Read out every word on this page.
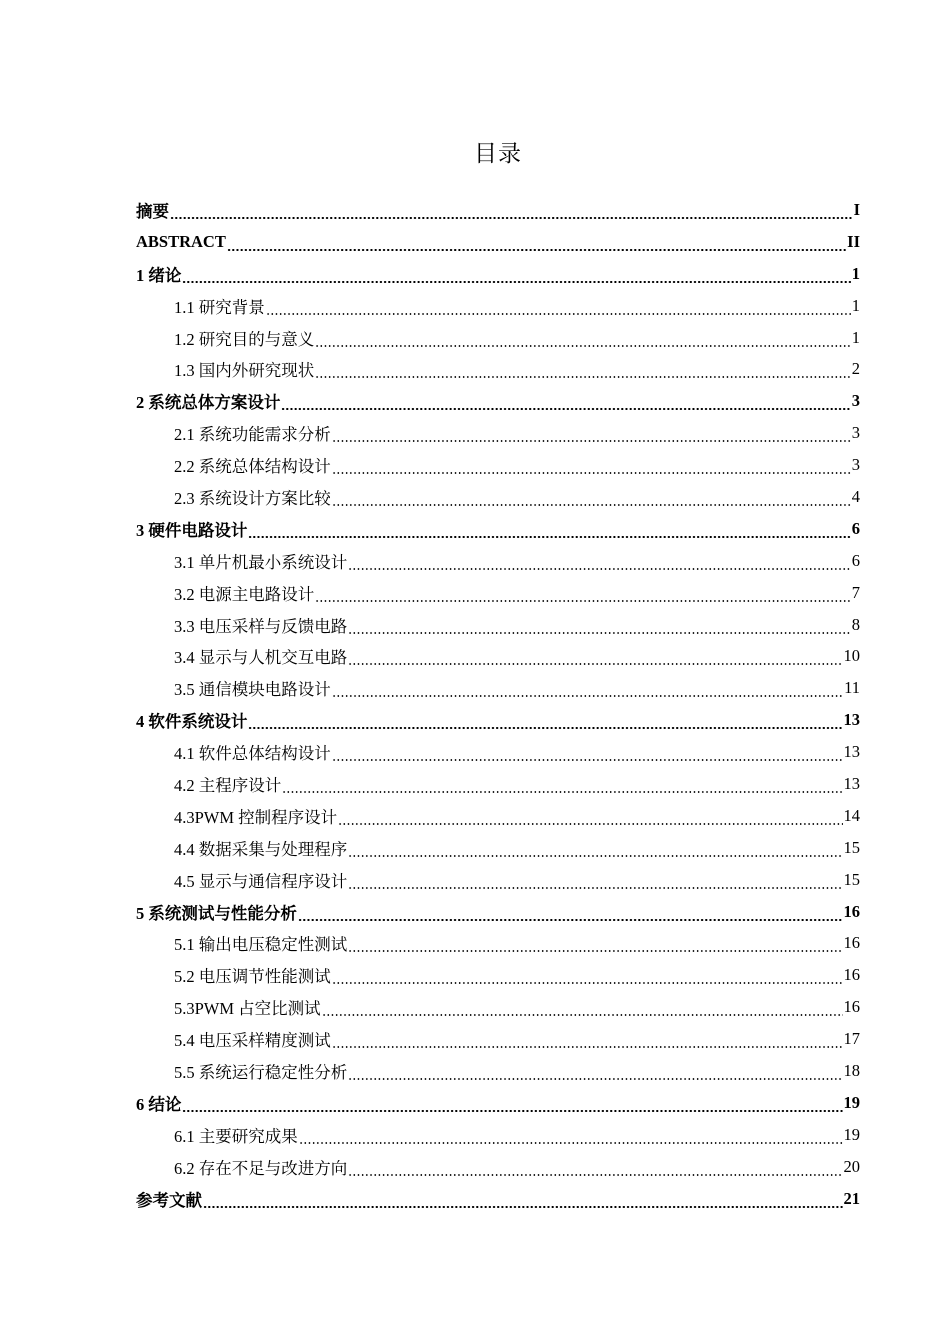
目录
摘要	I
ABSTRACT	II
1 绪论	1
1.1 研究背景	1
1.2 研究目的与意义	1
1.3 国内外研究现状	2
2 系统总体方案设计	3
2.1 系统功能需求分析	3
2.2 系统总体结构设计	3
2.3 系统设计方案比较	4
3 硬件电路设计	6
3.1 单片机最小系统设计	6
3.2 电源主电路设计	7
3.3 电压采样与反馈电路	8
3.4 显示与人机交互电路	10
3.5 通信模块电路设计	11
4 软件系统设计	13
4.1 软件总体结构设计	13
4.2 主程序设计	13
4.3PWM 控制程序设计	14
4.4 数据采集与处理程序	15
4.5 显示与通信程序设计	15
5 系统测试与性能分析	16
5.1 输出电压稳定性测试	16
5.2 电压调节性能测试	16
5.3PWM 占空比测试	16
5.4 电压采样精度测试	17
5.5 系统运行稳定性分析	18
6 结论	19
6.1 主要研究成果	19
6.2 存在不足与改进方向	20
参考文献	21
